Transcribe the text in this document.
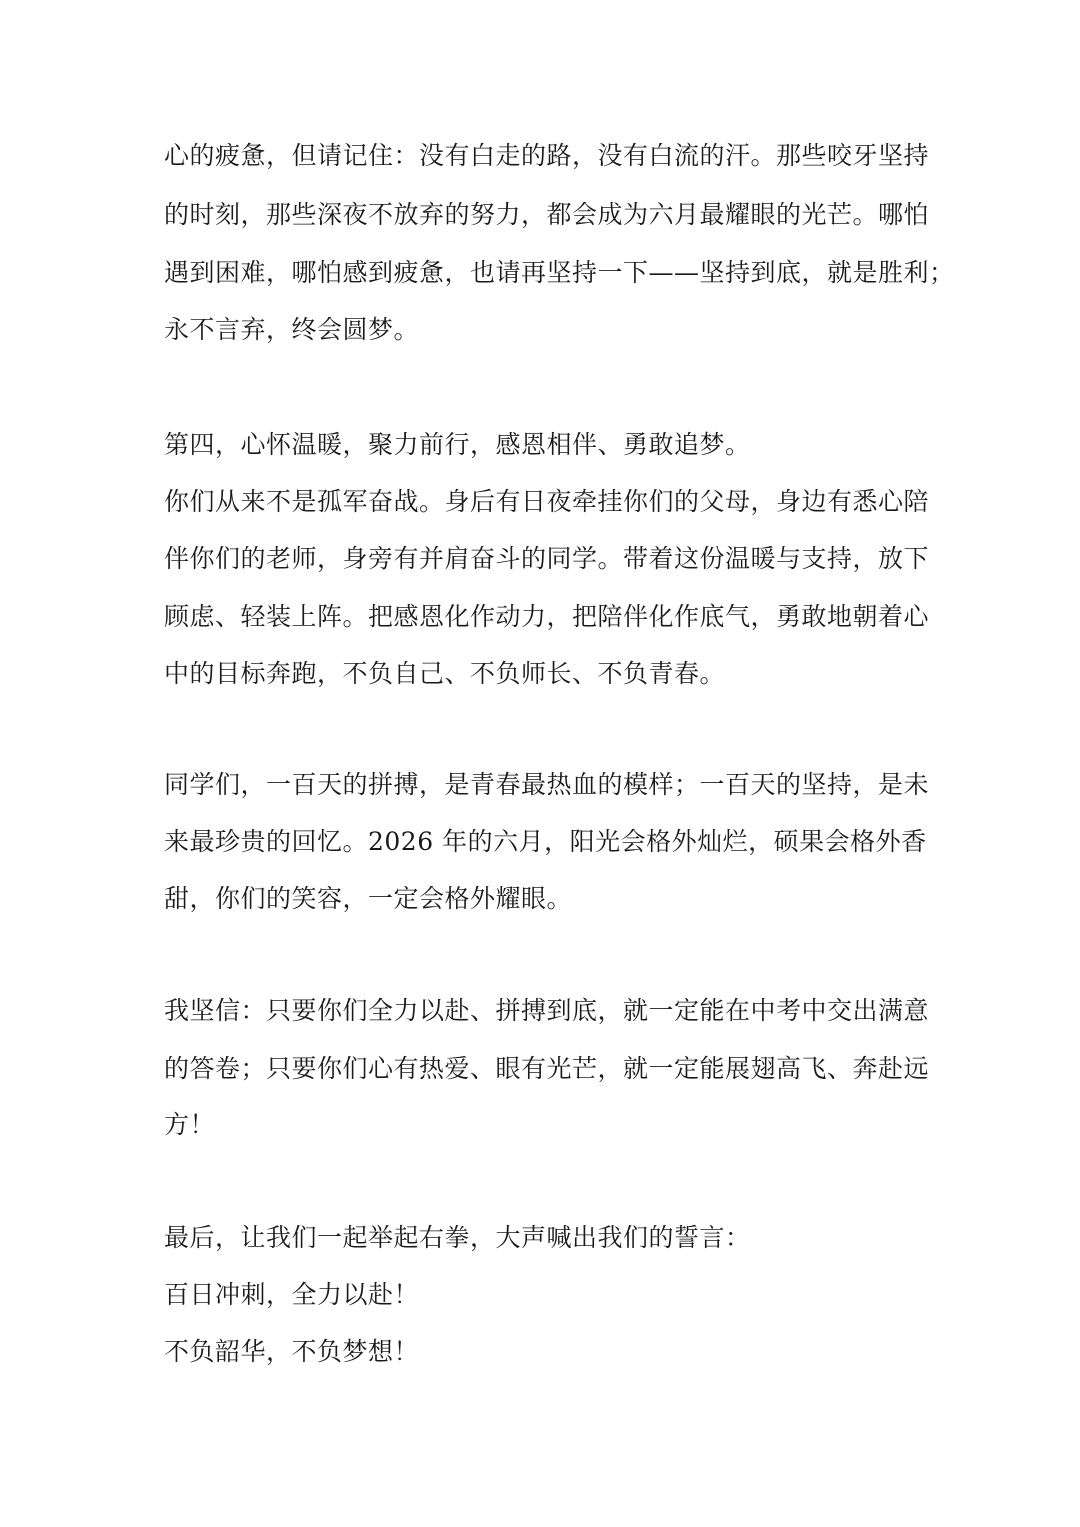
心的疲惫，但请记住：没有白走的路，没有白流的汗。那些咬牙坚持
的时刻，那些深夜不放弃的努力，都会成为六月最耀眼的光芒。哪怕
遇到困难，哪怕感到疲惫，也请再坚持一下——坚持到底，就是胜利；
永不言弃，终会圆梦。
第四，心怀温暖，聚力前行，感恩相伴、勇敢追梦。
你们从来不是孤军奋战。身后有日夜牵挂你们的父母，身边有悉心陪
伴你们的老师，身旁有并肩奋斗的同学。带着这份温暖与支持，放下
顾虑、轻装上阵。把感恩化作动力，把陪伴化作底气，勇敢地朝着心
中的目标奔跑，不负自己、不负师长、不负青春。
同学们，一百天的拼搏，是青春最热血的模样；一百天的坚持，是未
来最珍贵的回忆。2026 年的六月，阳光会格外灿烂，硕果会格外香
甜，你们的笑容，一定会格外耀眼。
我坚信：只要你们全力以赴、拼搏到底，就一定能在中考中交出满意
的答卷；只要你们心有热爱、眼有光芒，就一定能展翅高飞、奔赴远
方！
最后，让我们一起举起右拳，大声喊出我们的誓言：
百日冲刺，全力以赴！
不负韶华，不负梦想！
